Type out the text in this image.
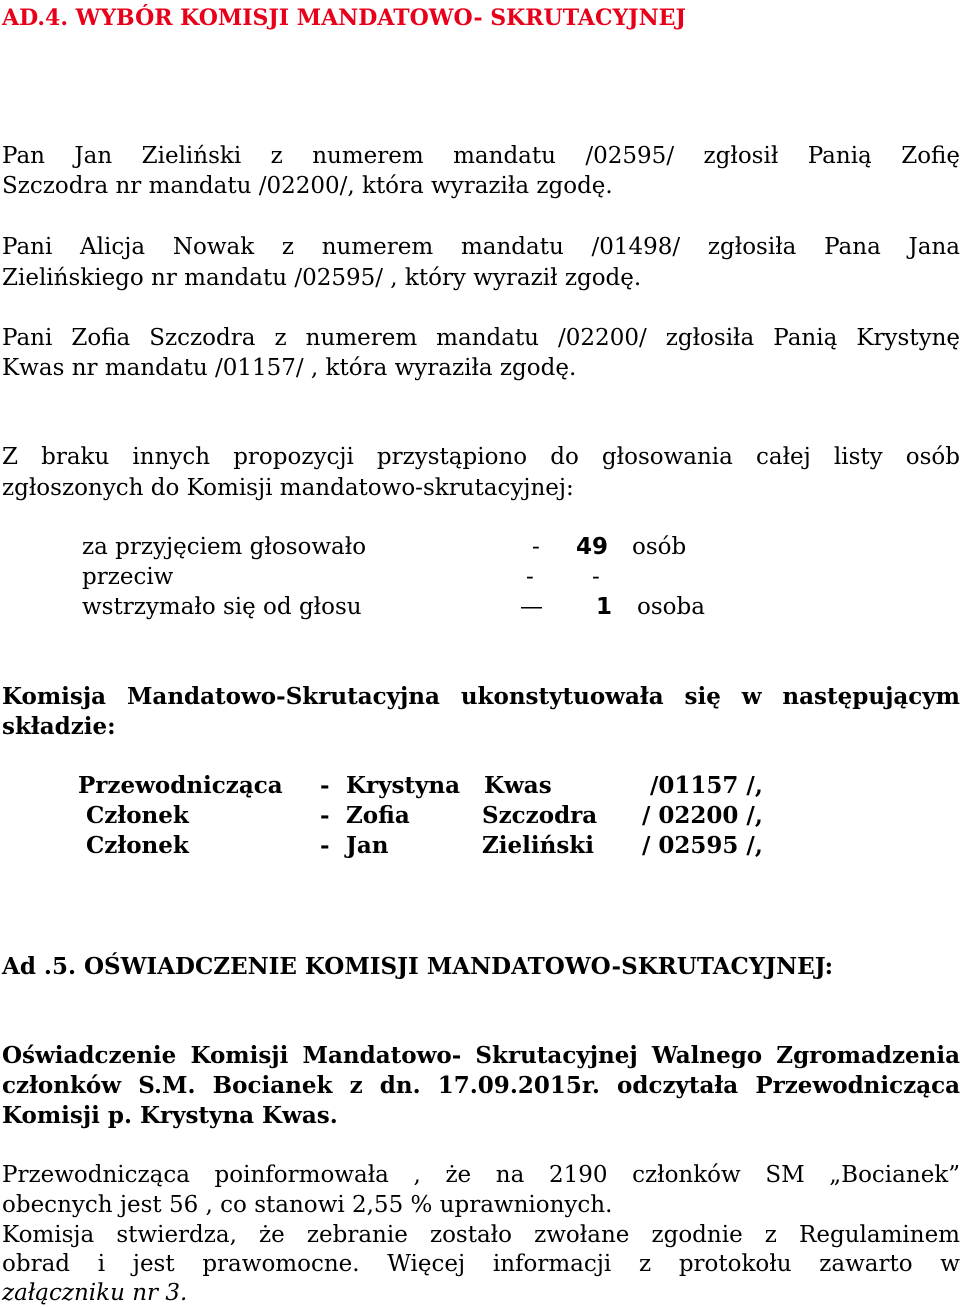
AD.4. WYBÓR KOMISJI MANDATOWO- SKRUTACYJNEJ
Pan Jan Zieliński z numerem mandatu /02595/ zgłosił Panią Zofię
Szczodra nr mandatu /02200/, która wyraziła zgodę.
Pani Alicja Nowak z numerem mandatu /01498/ zgłosiła Pana Jana
Zielińskiego nr mandatu /02595/ , który wyraził zgodę.
Pani Zofia Szczodra z numerem mandatu /02200/ zgłosiła Panią Krystynę
Kwas nr mandatu /01157/ , która wyraziła zgodę.
Z braku innych propozycji przystąpiono do głosowania całej listy osób
zgłoszonych do Komisji mandatowo-skrutacyjnej:
za przyjęciem głosowało	- 49 osób
przeciw	-	-
wstrzymało się od głosu	— 1 osoba
Komisja Mandatowo-Skrutacyjna ukonstytuowała się w następującym
składzie:
Przewodnicząca - Krystyna Kwas	/01157 /,
Członek	- Zofia	Szczodra / 02200 /,
Członek	- Jan	Zieliński / 02595 /,
Ad .5. OŚWIADCZENIE KOMISJI MANDATOWO-SKRUTACYJNEJ:
Oświadczenie Komisji Mandatowo- Skrutacyjnej Walnego Zgromadzenia
członków S.M. Bocianek z dn. 17.09.2015r. odczytała Przewodnicząca
Komisji p. Krystyna Kwas.
Przewodnicząca poinformowała , że na 2190 członków SM „Bocianek”
obecnych jest 56 , co stanowi 2,55 % uprawnionych.
Komisja stwierdza, że zebranie zostało zwołane zgodnie z Regulaminem
obrad i jest prawomocne. Więcej informacji z protokołu zawarto w
załączniku nr 3.
